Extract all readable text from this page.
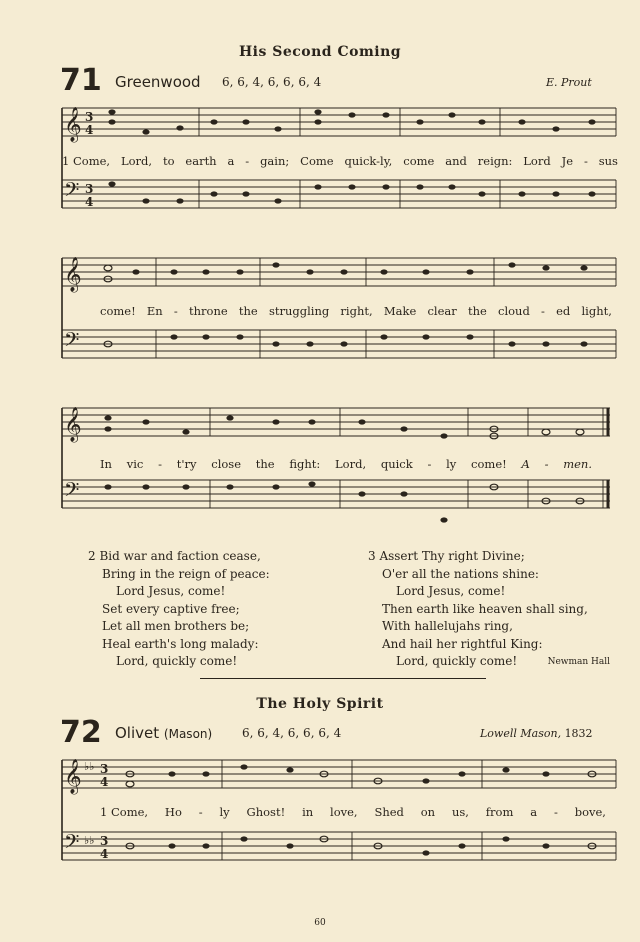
His Second Coming
71 Greenwood 6, 6, 4, 6, 6, 6, 4	E. Prout
𝄞 3
4
𝄢 3
4
1 Come, Lord, to earth a - gain; Come quick-ly, come and reign: Lord Je - sus
𝄞
𝄢
come! En - throne the struggling right, Make clear the cloud - ed light,
𝄞
𝄢
In vic - t'ry close the fight: Lord, quick - ly come! A - men.
2 Bid war and faction cease,
Bring in the reign of peace:
Lord Jesus, come!
Set every captive free;
Let all men brothers be;
Heal earth's long malady:
Lord, quickly come!
3 Assert Thy right Divine;
O'er all the nations shine:
Lord Jesus, come!
Then earth like heaven shall sing,
With hallelujahs ring,
And hail her rightful King:
Lord, quickly come!	Newman Hall
The Holy Spirit
72 Olivet (Mason) 6, 6, 4, 6, 6, 6, 4	Lowell Mason, 1832
𝄞 ♭♭ 3
4
𝄢 ♭♭ 3
4
1 Come, Ho - ly Ghost! in love, Shed on us, from a - bove,
60
